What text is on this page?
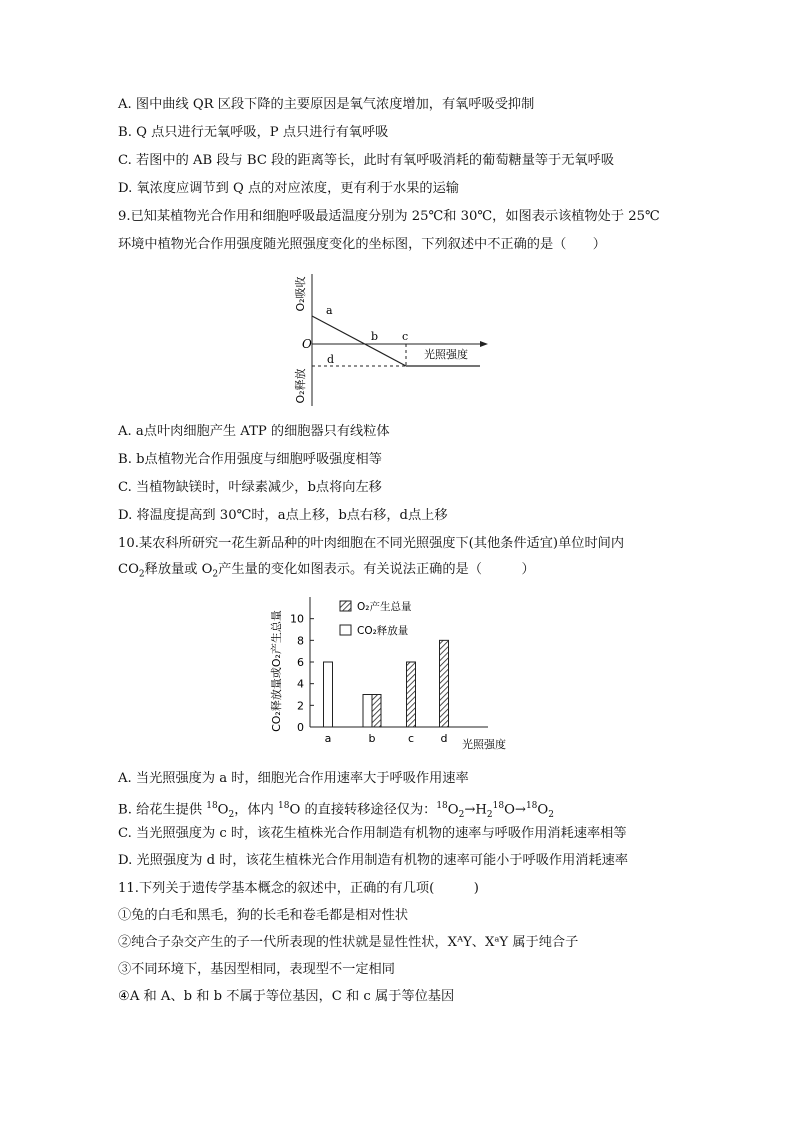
A. 图中曲线 QR 区段下降的主要原因是氧气浓度增加，有氧呼吸受抑制
B. Q 点只进行无氧呼吸，P 点只进行有氧呼吸
C. 若图中的 AB 段与 BC 段的距离等长，此时有氧呼吸消耗的葡萄糖量等于无氧呼吸
D. 氧浓度应调节到 Q 点的对应浓度，更有利于水果的运输
9.已知某植物光合作用和细胞呼吸最适温度分别为 25℃和 30℃，如图表示该植物处于 25℃
环境中植物光合作用强度随光照强度变化的坐标图，下列叙述中不正确的是（　　）
O₂吸收
O₂释放
O
a
b c
d	光照强度
A. a点叶肉细胞产生 ATP 的细胞器只有线粒体
B. b点植物光合作用强度与细胞呼吸强度相等
C. 当植物缺镁时，叶绿素减少，b点将向左移
D. 将温度提高到 30℃时，a点上移，b点右移，d点上移
10.某农科所研究一花生新品种的叶肉细胞在不同光照强度下(其他条件适宜)单位时间内
$CO_2$释放量或 $O_2$产生量的变化如图表示。有关说法正确的是（　　　）
0
2
4
6
8
10
a	b	c d
CO₂释放量或O₂产生总量
光照强度
O₂产生总量
CO₂释放量
A. 当光照强度为 a 时，细胞光合作用速率大于呼吸作用速率
B. 给花生提供 $^{18}O_2$，体内 $^{18}$O 的直接转移途径仅为：$^{18}O_2\to H_2^{18}O\to^{18}O_2$
C. 当光照强度为 c 时，该花生植株光合作用制造有机物的速率与呼吸作用消耗速率相等
D. 光照强度为 d 时，该花生植株光合作用制造有机物的速率可能小于呼吸作用消耗速率
11.下列关于遗传学基本概念的叙述中，正确的有几项(　　　)
①兔的白毛和黑毛，狗的长毛和卷毛都是相对性状
②纯合子杂交产生的子一代所表现的性状就是显性性状，XᴬY、XᵃY 属于纯合子
③不同环境下，基因型相同，表现型不一定相同
④A 和 A、b 和 b 不属于等位基因，C 和 c 属于等位基因
